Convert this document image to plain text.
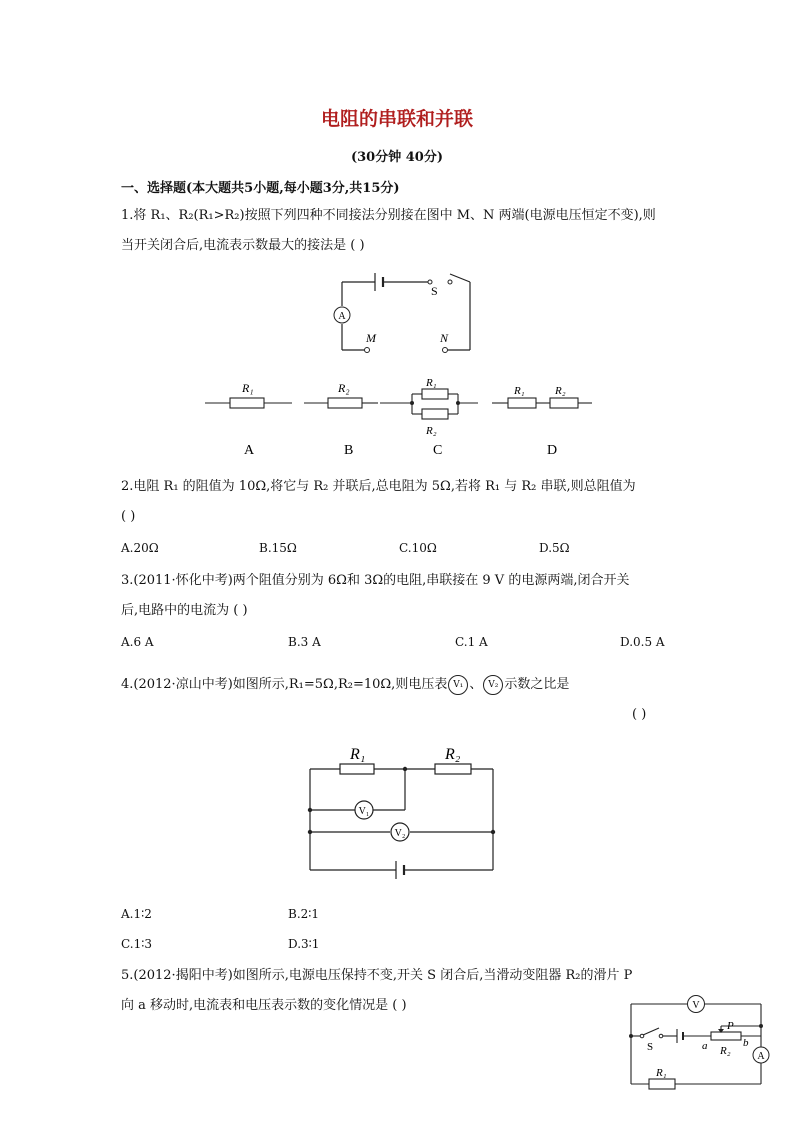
电阻的串联和并联
(30分钟 40分)
一、选择题(本大题共5小题,每小题3分,共15分)
1.将 R₁、R₂(R₁>R₂)按照下列四种不同接法分别接在图中 M、N 两端(电源电压恒定不变),则
当开关闭合后,电流表示数最大的接法是 ( )
S
A
M	N
R₁	R₂	R₁
R₂
R₁	R₂
A	B	C	D
2.电阻 R₁ 的阻值为 10Ω,将它与 R₂ 并联后,总电阻为 5Ω,若将 R₁ 与 R₂ 串联,则总阻值为
( )
A.20Ω	B.15Ω	C.10Ω	D.5Ω
3.(2011·怀化中考)两个阻值分别为 6Ω和 3Ω的电阻,串联接在 9 V 的电源两端,闭合开关
后,电路中的电流为 ( )
A.6 A	B.3 A	C.1 A	D.0.5 A
4.(2012·凉山中考)如图所示,R₁=5Ω,R₂=10Ω,则电压表 V₁ 、 V₂ 示数之比是
( )
V₁
V₂
R₁	R₂
A.1∶2	B.2∶1
C.1∶3	D.3∶1
5.(2012·揭阳中考)如图所示,电源电压保持不变,开关 S 闭合后,当滑动变阻器 R₂的滑片 P
向 a 移动时,电流表和电压表示数的变化情况是 ( )	V
A
S
P
a	b
R₂
R₁
